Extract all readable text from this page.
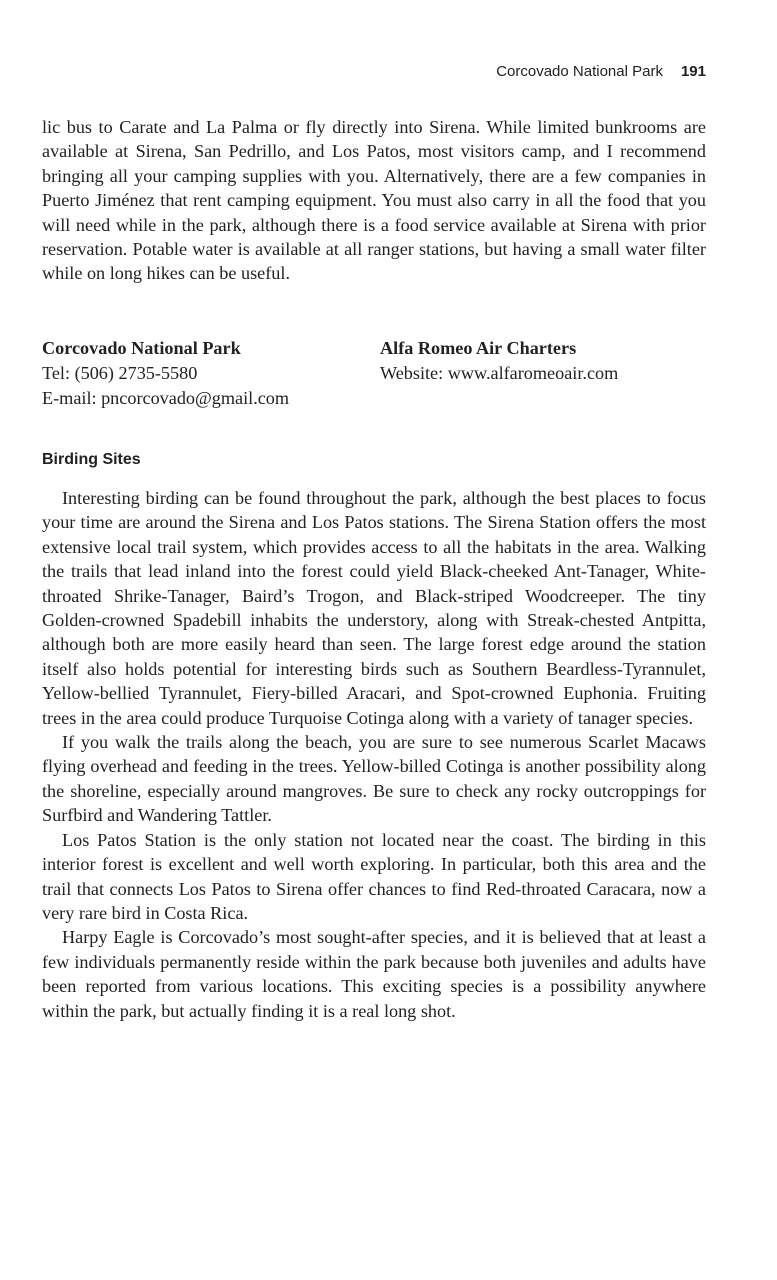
Corcovado National Park 191

lic bus to Carate and La Palma or fly directly into Sirena. While limited bunkrooms are available at Sirena, San Pedrillo, and Los Patos, most visitors camp, and I recommend bringing all your camping supplies with you. Alternatively, there are a few companies in Puerto Jiménez that rent camping equipment. You must also carry in all the food that you will need while in the park, although there is a food service available at Sirena with prior reservation. Potable water is available at all ranger stations, but having a small water filter while on long hikes can be useful.

Corcovado National Park
Tel: (506) 2735-5580
E-mail: pncorcovado@gmail.com
Alfa Romeo Air Charters
Website: www.alfaromeoair.com
Birding Sites

Interesting birding can be found throughout the park, although the best places to focus your time are around the Sirena and Los Patos stations. The Sirena Station offers the most extensive local trail system, which provides access to all the habitats in the area. Walking the trails that lead inland into the forest could yield Black-cheeked Ant-Tanager, White-throated Shrike-Tanager, Baird’s Trogon, and Black-striped Woodcreeper. The tiny Golden-crowned Spadebill inhabits the understory, along with Streak-chested Antpitta, although both are more easily heard than seen. The large forest edge around the station itself also holds potential for interesting birds such as Southern Beardless-Tyrannulet, Yellow-bellied Tyrannulet, Fiery-billed Aracari, and Spot-crowned Euphonia. Fruiting trees in the area could produce Turquoise Cotinga along with a variety of tanager species.

If you walk the trails along the beach, you are sure to see numerous Scarlet Macaws flying overhead and feeding in the trees. Yellow-billed Cotinga is another possibility along the shoreline, especially around mangroves. Be sure to check any rocky outcroppings for Surfbird and Wandering Tattler.

Los Patos Station is the only station not located near the coast. The birding in this interior forest is excellent and well worth exploring. In particular, both this area and the trail that connects Los Patos to Sirena offer chances to find Red-throated Caracara, now a very rare bird in Costa Rica.

Harpy Eagle is Corcovado’s most sought-after species, and it is believed that at least a few individuals permanently reside within the park because both juveniles and adults have been reported from various locations. This exciting species is a possibility anywhere within the park, but actually finding it is a real long shot.
